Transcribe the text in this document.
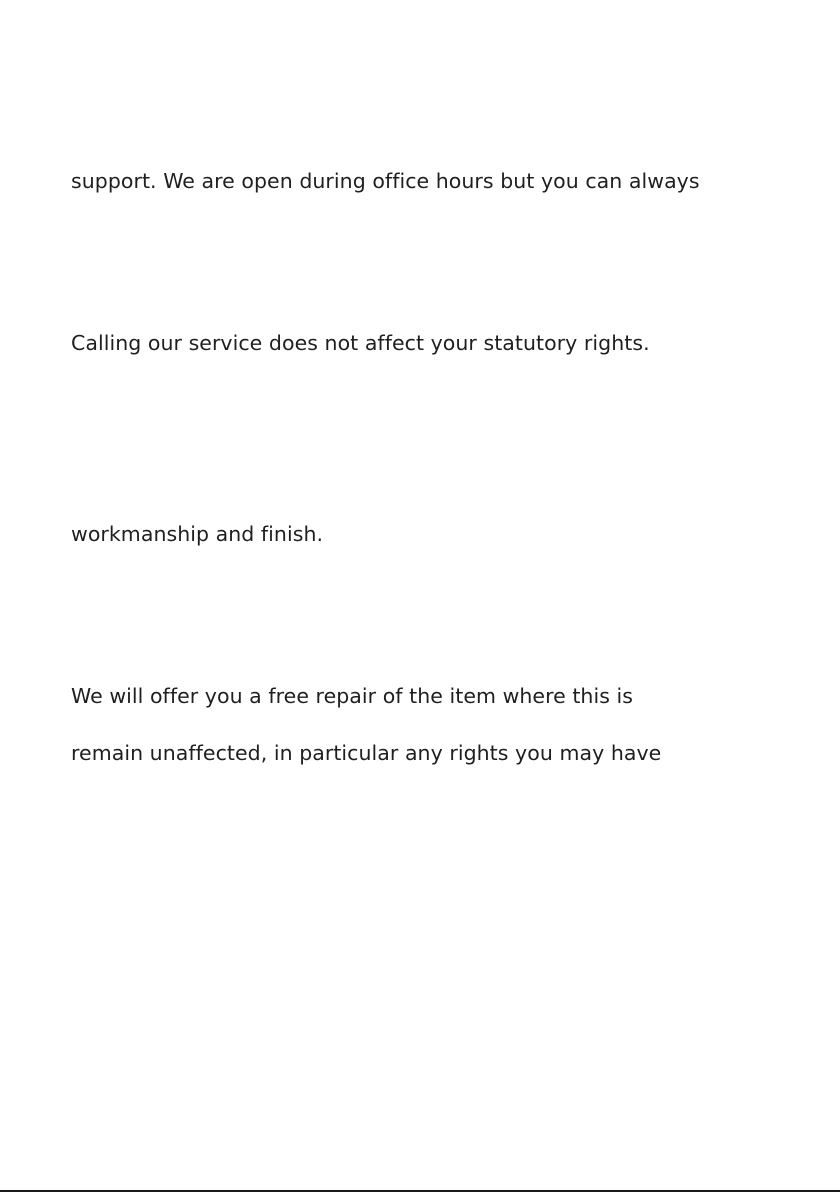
support. We are open during office hours but you can always
Calling our service does not affect your statutory rights.
workmanship and finish.
We will offer you a free repair of the item where this is
remain unaffected, in particular any rights you may have
